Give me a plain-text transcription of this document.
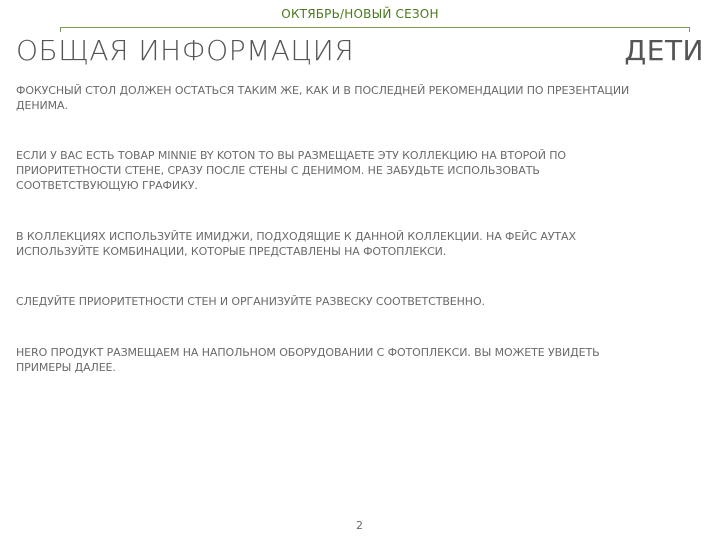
ОКТЯБРЬ/НОВЫЙ СЕЗОН
ОБЩАЯ ИНФОРМАЦИЯ	ДЕТИ

ФОКУСНЫЙ СТОЛ ДОЛЖЕН ОСТАТЬСЯ ТАКИМ ЖЕ, КАК И В ПОСЛЕДНЕЙ РЕКОМЕНДАЦИИ ПО ПРЕЗЕНТАЦИИ ДЕНИМА.

ЕСЛИ У ВАС ЕСТЬ ТОВАР MINNIE BY KOTON ТО ВЫ РАЗМЕЩАЕТЕ ЭТУ КОЛЛЕКЦИЮ НА ВТОРОЙ ПО ПРИОРИТЕТНОСТИ СТЕНЕ, СРАЗУ ПОСЛЕ СТЕНЫ С ДЕНИМОМ. НЕ ЗАБУДЬТЕ ИСПОЛЬЗОВАТЬ СООТВЕТСТВУЮЩУЮ ГРАФИКУ.

В КОЛЛЕКЦИЯХ ИСПОЛЬЗУЙТЕ ИМИДЖИ, ПОДХОДЯЩИЕ К ДАННОЙ КОЛЛЕКЦИИ. НА ФЕЙС АУТАХ ИСПОЛЬЗУЙТЕ КОМБИНАЦИИ, КОТОРЫЕ ПРЕДСТАВЛЕНЫ НА ФОТОПЛЕКСИ.

СЛЕДУЙТЕ ПРИОРИТЕТНОСТИ СТЕН И ОРГАНИЗУЙТЕ РАЗВЕСКУ СООТВЕТСТВЕННО.

HERO ПРОДУКТ РАЗМЕЩАЕМ НА НАПОЛЬНОМ ОБОРУДОВАНИИ С ФОТОПЛЕКСИ. ВЫ МОЖЕТЕ УВИДЕТЬ ПРИМЕРЫ ДАЛЕЕ.

2
